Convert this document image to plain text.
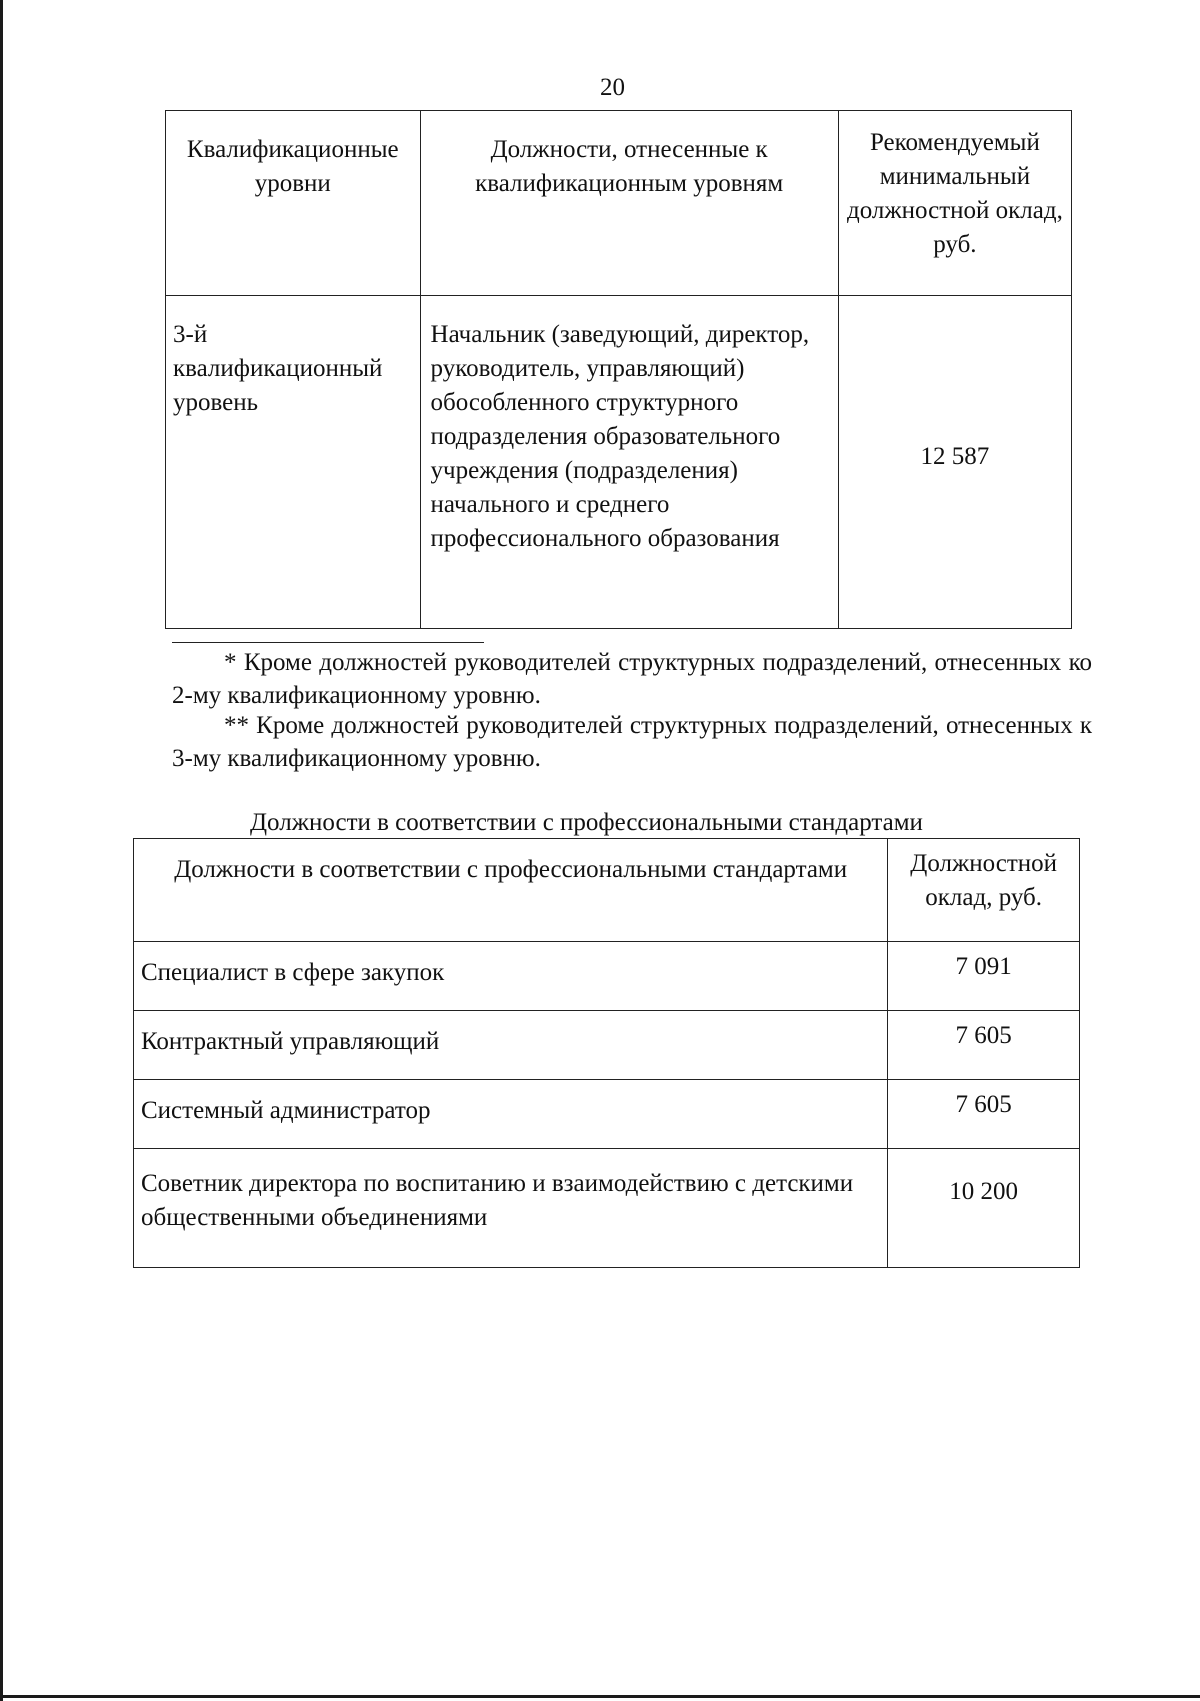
20
Квалификационные уровни	Должности, отнесенные к квалификационным уровням	Рекомендуемый минимальный должностной оклад, руб.
3-й квалификационный уровень	Начальник (заведующий, директор, руководитель, управляющий) обособленного структурного подразделения образовательного учреждения (подразделения) начального и среднего профессионального образования	12 587
* Кроме должностей руководителей структурных подразделений, отнесенных ко 2-му квалификационному уровню.
** Кроме должностей руководителей структурных подразделений, отнесенных к 3-му квалификационному уровню.
Должности в соответствии с профессиональными стандартами
Должности в соответствии с профессиональными стандартами	Должностной оклад, руб.
Специалист в сфере закупок	7 091
Контрактный управляющий	7 605
Системный администратор	7 605
Советник директора по воспитанию и взаимодействию с детскими общественными объединениями	10 200
